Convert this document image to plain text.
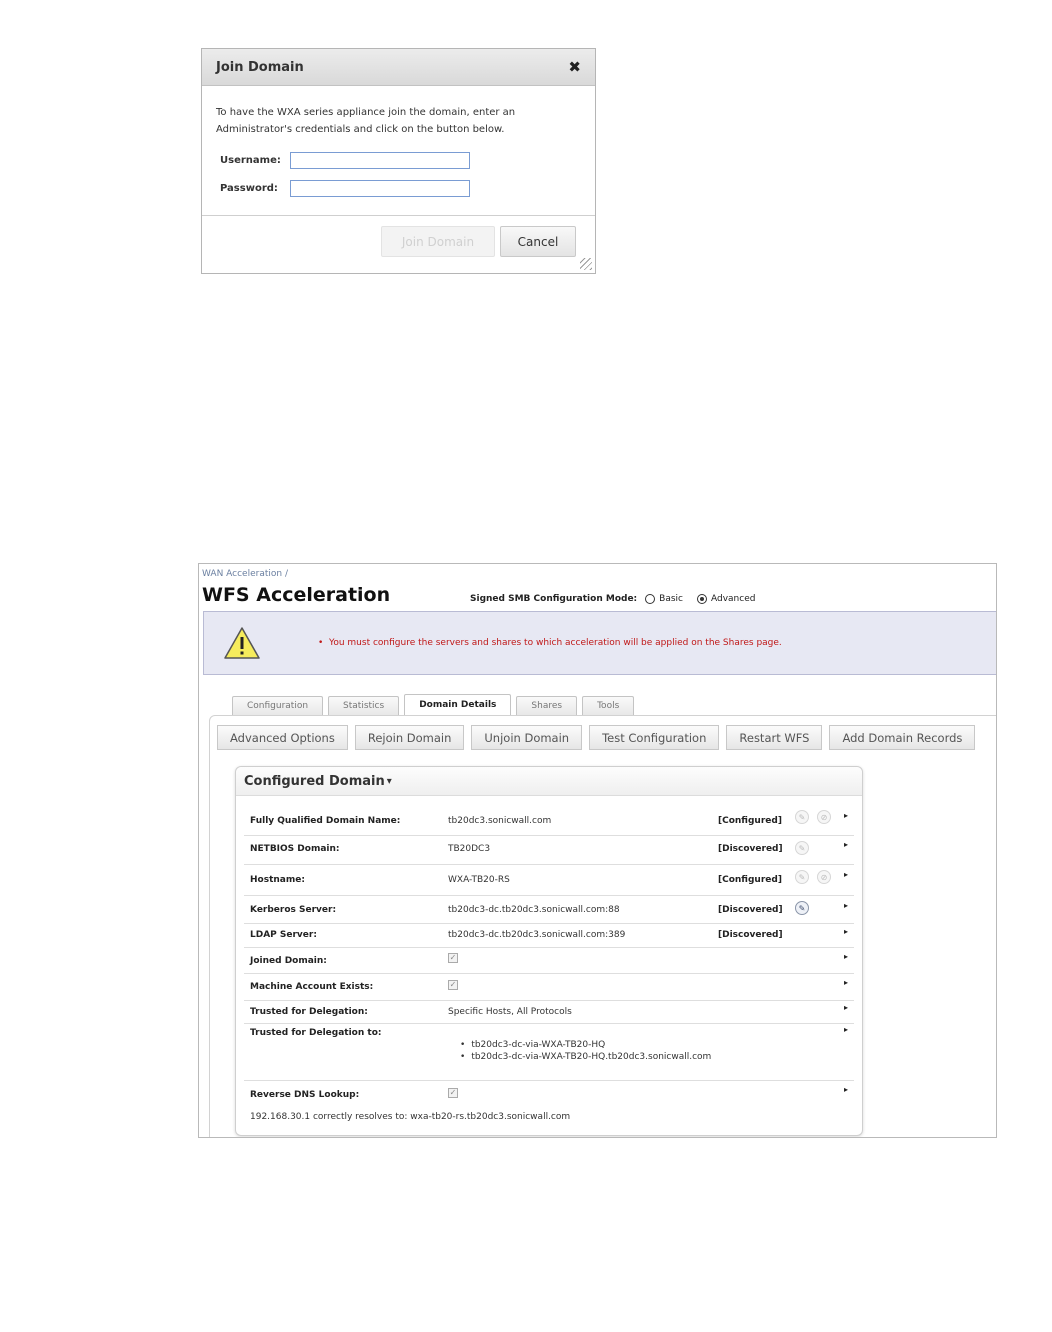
Join Domain	✖
To have the WXA series appliance join the domain, enter an Administrator's credentials and click on the button below.
Username:
Password:
Join Domain	Cancel
WAN Acceleration /
WFS Acceleration	Signed SMB Configuration Mode: Basic	Advanced
•  You must configure the servers and shares to which acceleration will be applied on the Shares page.
Configuration	Statistics	Domain Details	Shares	Tools
Advanced Options	Rejoin Domain	Unjoin Domain	Test Configuration	Restart WFS	Add Domain Records
Configured Domain ▾
Fully Qualified Domain Name:	tb20dc3.sonicwall.com	[Configured]	✎	⊘	▸
NETBIOS Domain:	TB20DC3	[Discovered]	✎	▸
Hostname:	WXA-TB20-RS	[Configured]	✎	⊘	▸
Kerberos Server:	tb20dc3-dc.tb20dc3.sonicwall.com:88	[Discovered]	✎	▸
LDAP Server:	tb20dc3-dc.tb20dc3.sonicwall.com:389	[Discovered]	▸
Joined Domain:	✓	▸
Machine Account Exists:	✓	▸
Trusted for Delegation:	Specific Hosts, All Protocols	▸
Trusted for Delegation to:
• tb20dc3-dc-via-WXA-TB20-HQ
• tb20dc3-dc-via-WXA-TB20-HQ.tb20dc3.sonicwall.com
▸
Reverse DNS Lookup:	✓	▸
192.168.30.1 correctly resolves to: wxa-tb20-rs.tb20dc3.sonicwall.com
